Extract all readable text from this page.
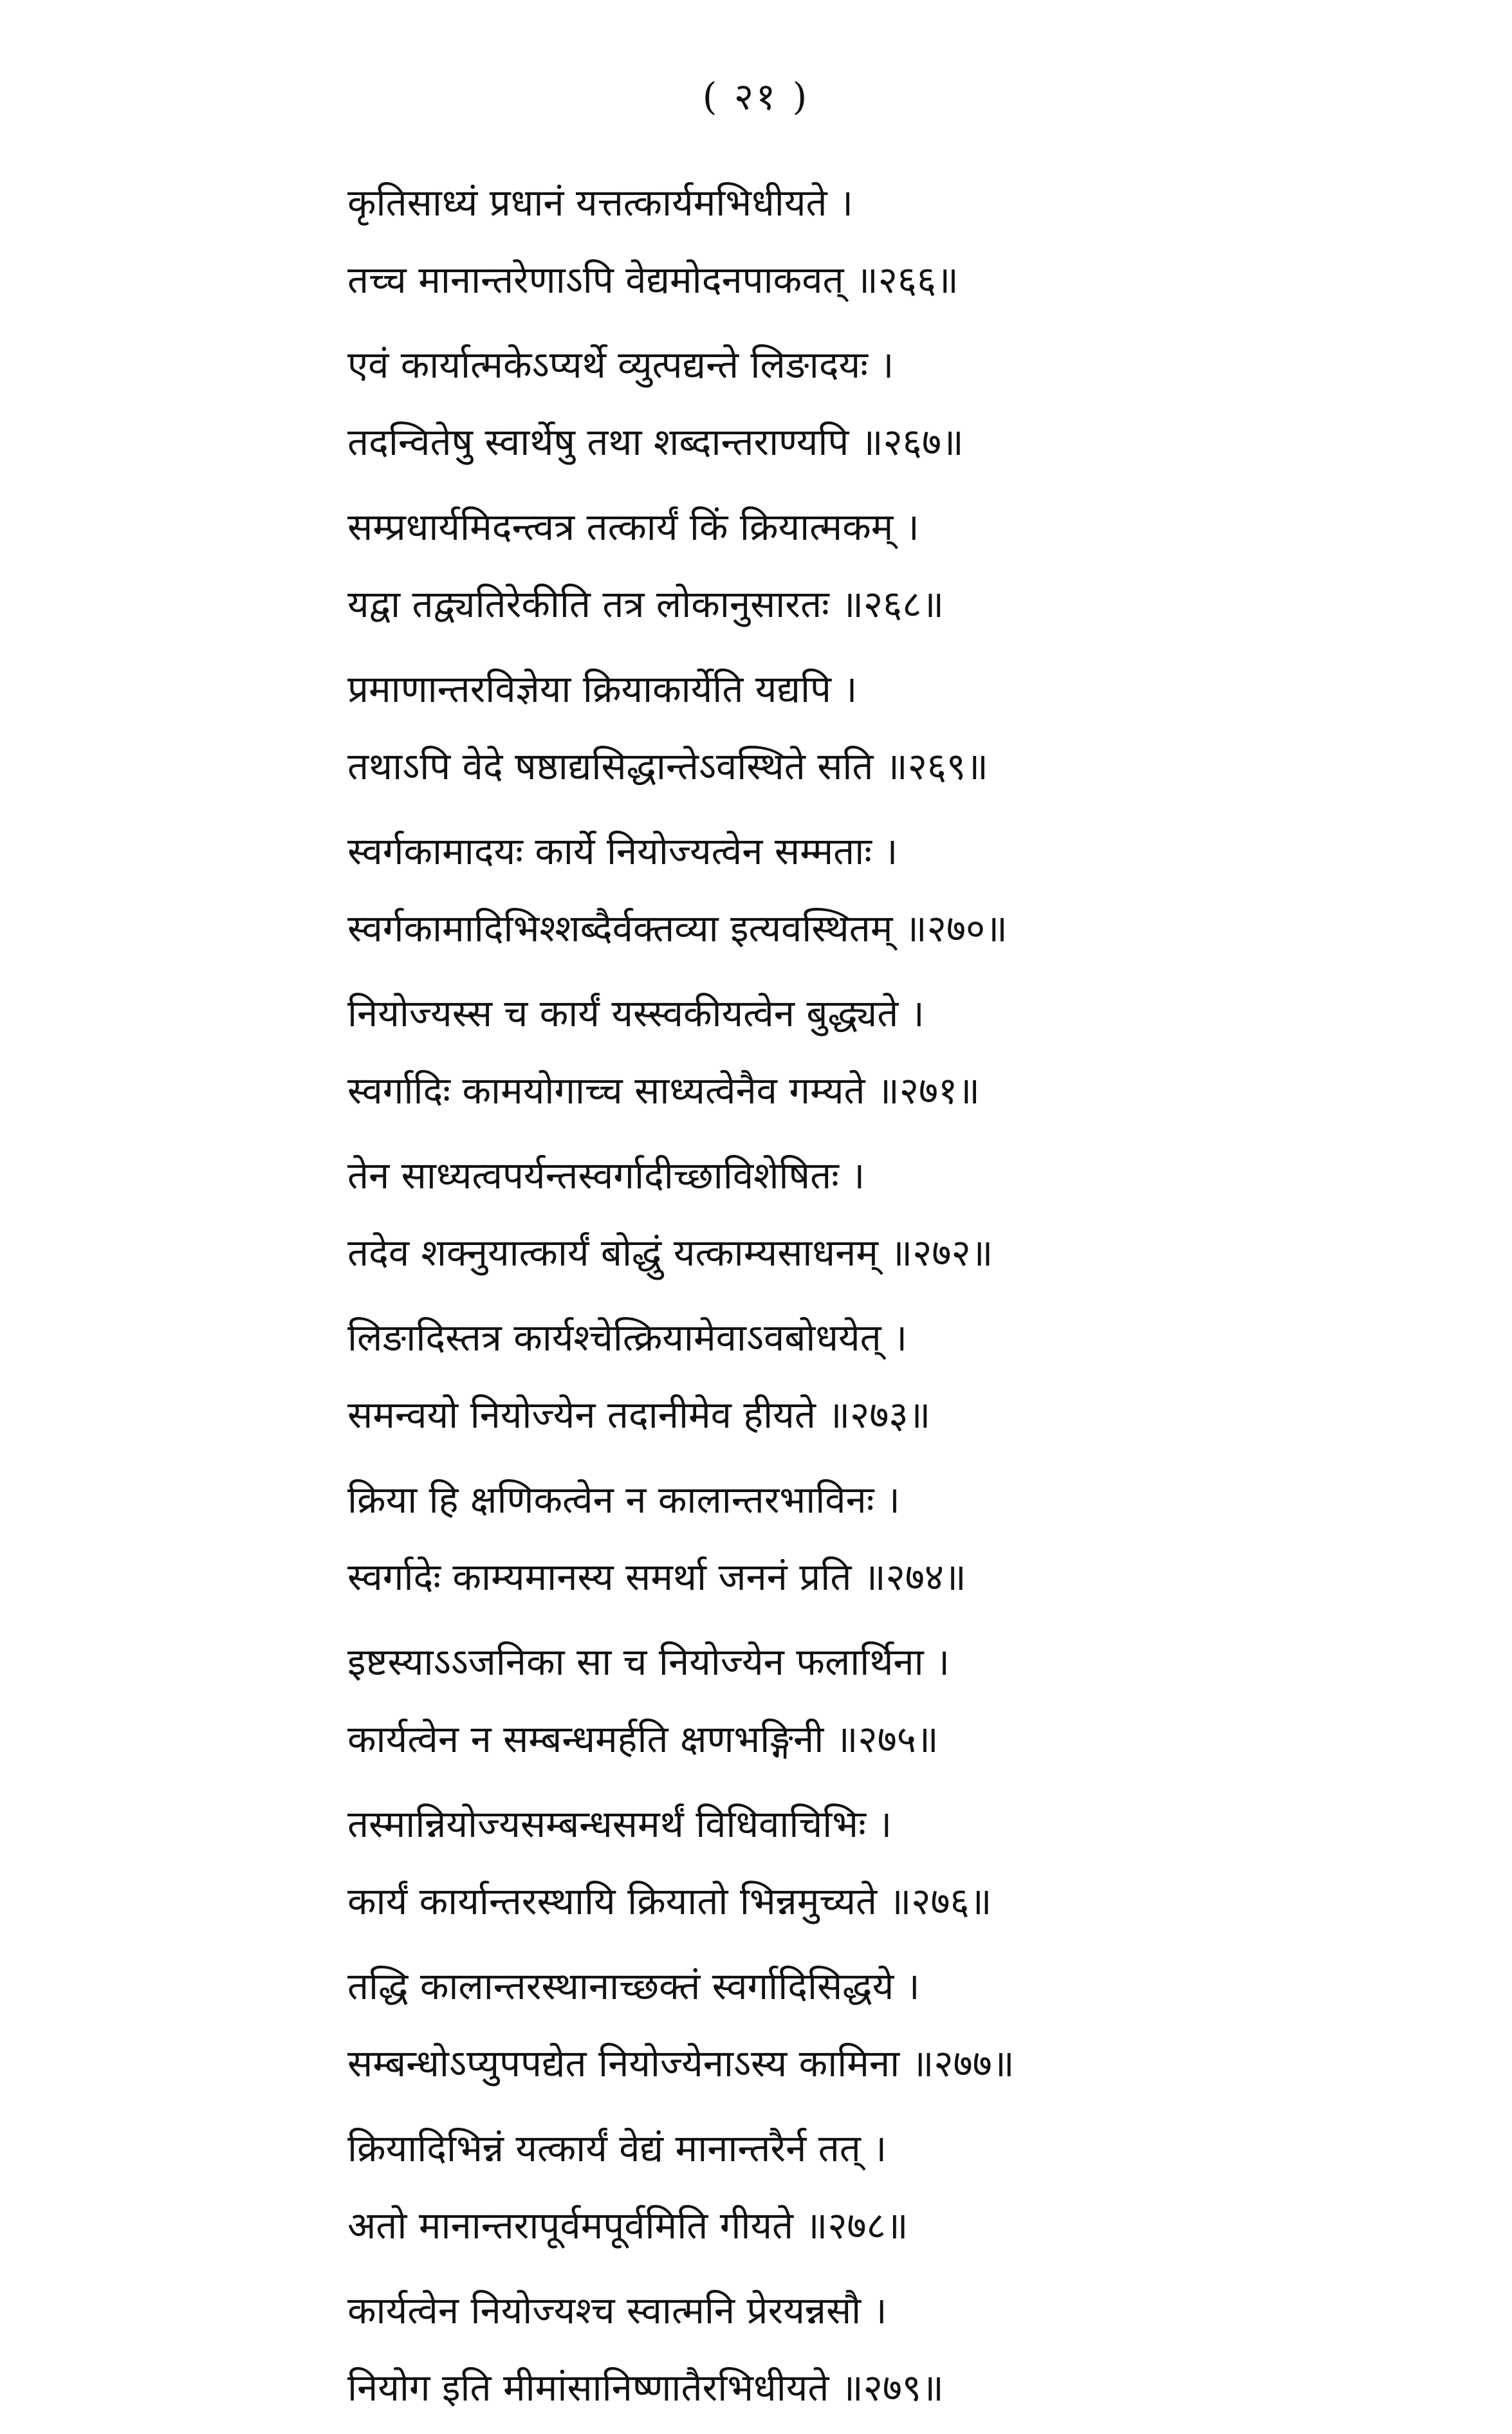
( २१ )
कृतिसाध्यं प्रधानं यत्तत्कार्यमभिधीयते ।
तच्च मानान्तरेणाऽपि वेद्यमोदनपाकवत् ॥२६६॥
एवं कार्यात्मकेऽप्यर्थे व्युत्पद्यन्ते लिङादयः ।
तदन्वितेषु स्वार्थेषु तथा शब्दान्तराण्यपि ॥२६७॥
सम्प्रधार्यमिदन्त्वत्र तत्कार्यं किं क्रियात्मकम् ।
यद्वा तद्व्यतिरेकीति तत्र लोकानुसारतः ॥२६८॥
प्रमाणान्तरविज्ञेया क्रियाकार्येति यद्यपि ।
तथाऽपि वेदे षष्ठाद्यसिद्धान्तेऽवस्थिते सति ॥२६९॥
स्वर्गकामादयः कार्ये नियोज्यत्वेन सम्मताः ।
स्वर्गकामादिभिश्शब्दैर्वक्तव्या इत्यवस्थितम् ॥२७०॥
नियोज्यस्स च कार्यं यस्स्वकीयत्वेन बुद्ध्यते ।
स्वर्गादिः कामयोगाच्च साध्यत्वेनैव गम्यते ॥२७१॥
तेन साध्यत्वपर्यन्तस्वर्गादीच्छाविशेषितः ।
तदेव शक्नुयात्कार्यं बोद्धुं यत्काम्यसाधनम् ॥२७२॥
लिङादिस्तत्र कार्यश्चेत्क्रियामेवाऽवबोधयेत् ।
समन्वयो नियोज्येन तदानीमेव हीयते ॥२७३॥
क्रिया हि क्षणिकत्वेन न कालान्तरभाविनः ।
स्वर्गादेः काम्यमानस्य समर्था जननं प्रति ॥२७४॥
इष्टस्याऽऽजनिका सा च नियोज्येन फलार्थिना ।
कार्यत्वेन न सम्बन्धमर्हति क्षणभङ्गिनी ॥२७५॥
तस्मान्नियोज्यसम्बन्धसमर्थं विधिवाचिभिः ।
कार्यं कार्यान्तरस्थायि क्रियातो भिन्नमुच्यते ॥२७६॥
तद्धि कालान्तरस्थानाच्छक्तं स्वर्गादिसिद्धये ।
सम्बन्धोऽप्युपपद्येत नियोज्येनाऽस्य कामिना ॥२७७॥
क्रियादिभिन्नं यत्कार्यं वेद्यं मानान्तरैर्न तत् ।
अतो मानान्तरापूर्वमपूर्वमिति गीयते ॥२७८॥
कार्यत्वेन नियोज्यश्च स्वात्मनि प्रेरयन्नसौ ।
नियोग इति मीमांसानिष्णातैरभिधीयते ॥२७९॥
